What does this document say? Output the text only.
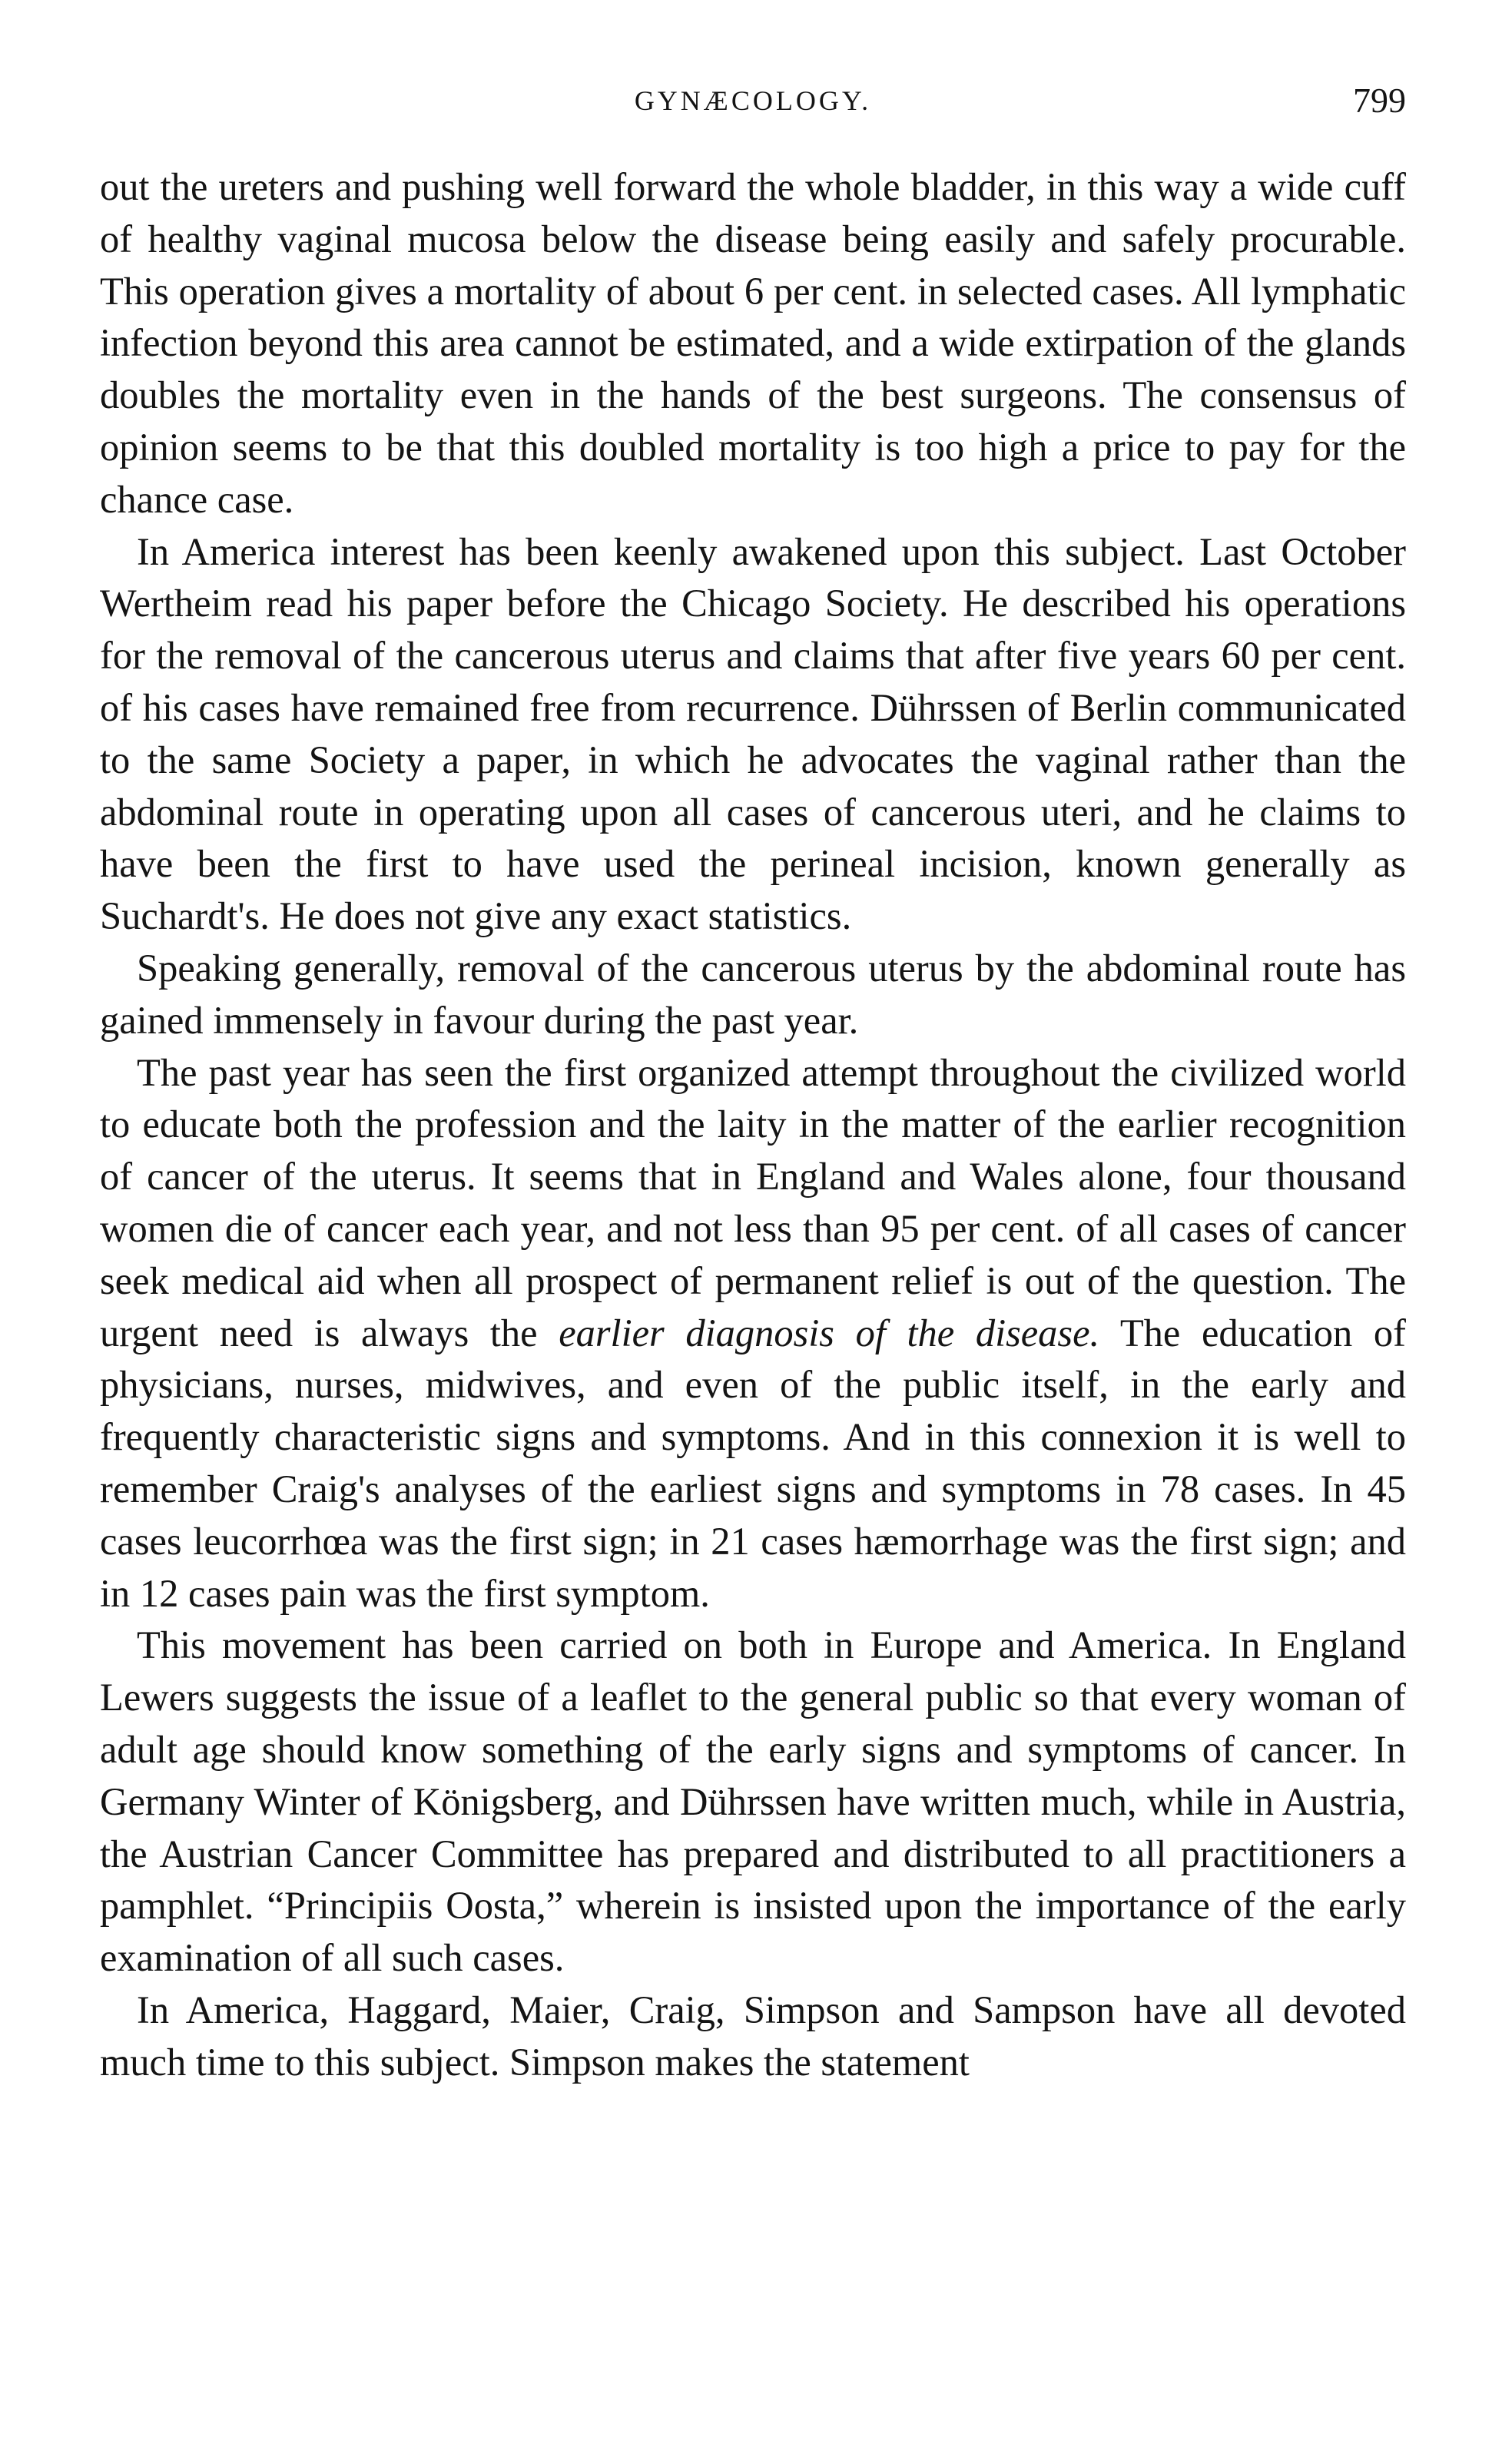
GYNÆCOLOGY.	799

out the ureters and pushing well forward the whole bladder, in this way a wide cuff of healthy vaginal mucosa below the disease being easily and safely procurable. This operation gives a mortality of about 6 per cent. in selected cases. All lymphatic infection beyond this area cannot be estimated, and a wide extirpation of the glands doubles the mortality even in the hands of the best surgeons. The consensus of opinion seems to be that this doubled mortality is too high a price to pay for the chance case.

In America interest has been keenly awakened upon this subject. Last October Wertheim read his paper before the Chicago Society. He described his operations for the removal of the cancerous uterus and claims that after five years 60 per cent. of his cases have remained free from recurrence. Dührssen of Berlin communicated to the same Society a paper, in which he advocates the vaginal rather than the abdominal route in operating upon all cases of cancerous uteri, and he claims to have been the first to have used the perineal incision, known generally as Suchardt's. He does not give any exact statistics.

Speaking generally, removal of the cancerous uterus by the abdominal route has gained immensely in favour during the past year.

The past year has seen the first organized attempt throughout the civilized world to educate both the profession and the laity in the matter of the earlier recognition of cancer of the uterus. It seems that in England and Wales alone, four thousand women die of cancer each year, and not less than 95 per cent. of all cases of cancer seek medical aid when all prospect of permanent relief is out of the question. The urgent need is always the earlier diagnosis of the disease. The education of physicians, nurses, midwives, and even of the public itself, in the early and frequently characteristic signs and symptoms. And in this connexion it is well to remember Craig's analyses of the earliest signs and symptoms in 78 cases. In 45 cases leucorrhœa was the first sign; in 21 cases hæmorrhage was the first sign; and in 12 cases pain was the first symptom.

This movement has been carried on both in Europe and America. In England Lewers suggests the issue of a leaflet to the general public so that every woman of adult age should know something of the early signs and symptoms of cancer. In Germany Winter of Königsberg, and Dührssen have written much, while in Austria, the Austrian Cancer Committee has prepared and distributed to all practitioners a pamphlet. “Principiis Oosta,” wherein is insisted upon the importance of the early examination of all such cases.

In America, Haggard, Maier, Craig, Simpson and Sampson have all devoted much time to this subject. Simpson makes the statement
